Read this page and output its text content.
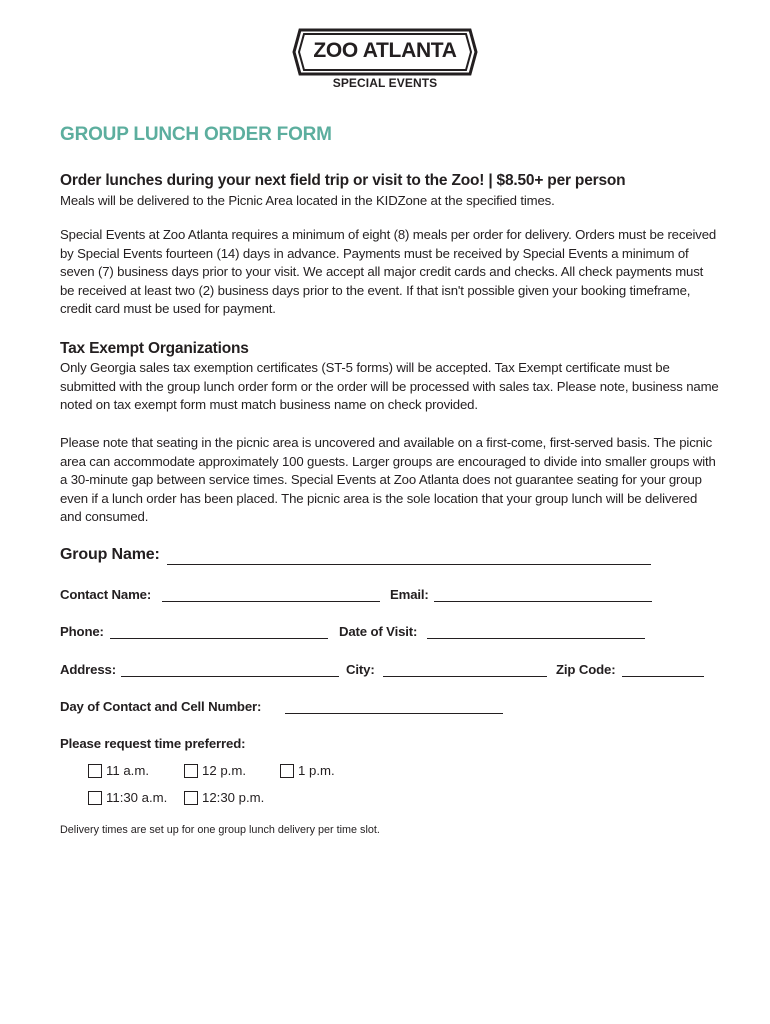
ZOO ATLANTA
SPECIAL EVENTS
GROUP LUNCH ORDER FORM
Order lunches during your next field trip or visit to the Zoo! | $8.50+ per person
Meals will be delivered to the Picnic Area located in the KIDZone at the specified times.
Special Events at Zoo Atlanta requires a minimum of eight (8) meals per order for delivery. Orders must be received by Special Events fourteen (14) days in advance. Payments must be received by Special Events a minimum of seven (7) business days prior to your visit. We accept all major credit cards and checks. All check payments must be received at least two (2) business days prior to the event. If that isn't possible given your booking timeframe, credit card must be used for payment.
Tax Exempt Organizations
Only Georgia sales tax exemption certificates (ST-5 forms) will be accepted. Tax Exempt certificate must be submitted with the group lunch order form or the order will be processed with sales tax. Please note, business name noted on tax exempt form must match business name on check provided.
Please note that seating in the picnic area is uncovered and available on a first-come, first-served basis. The picnic area can accommodate approximately 100 guests. Larger groups are encouraged to divide into smaller groups with a 30-minute gap between service times. Special Events at Zoo Atlanta does not guarantee seating for your group even if a lunch order has been placed. The picnic area is the sole location that your group lunch will be delivered and consumed.
Group Name:
Contact Name:	Email:
Phone:	Date of Visit:
Address:	City:	Zip Code:
Day of Contact and Cell Number:
Please request time preferred:
11 a.m.	12 p.m.	1 p.m.
11:30 a.m.	12:30 p.m.
Delivery times are set up for one group lunch delivery per time slot.
